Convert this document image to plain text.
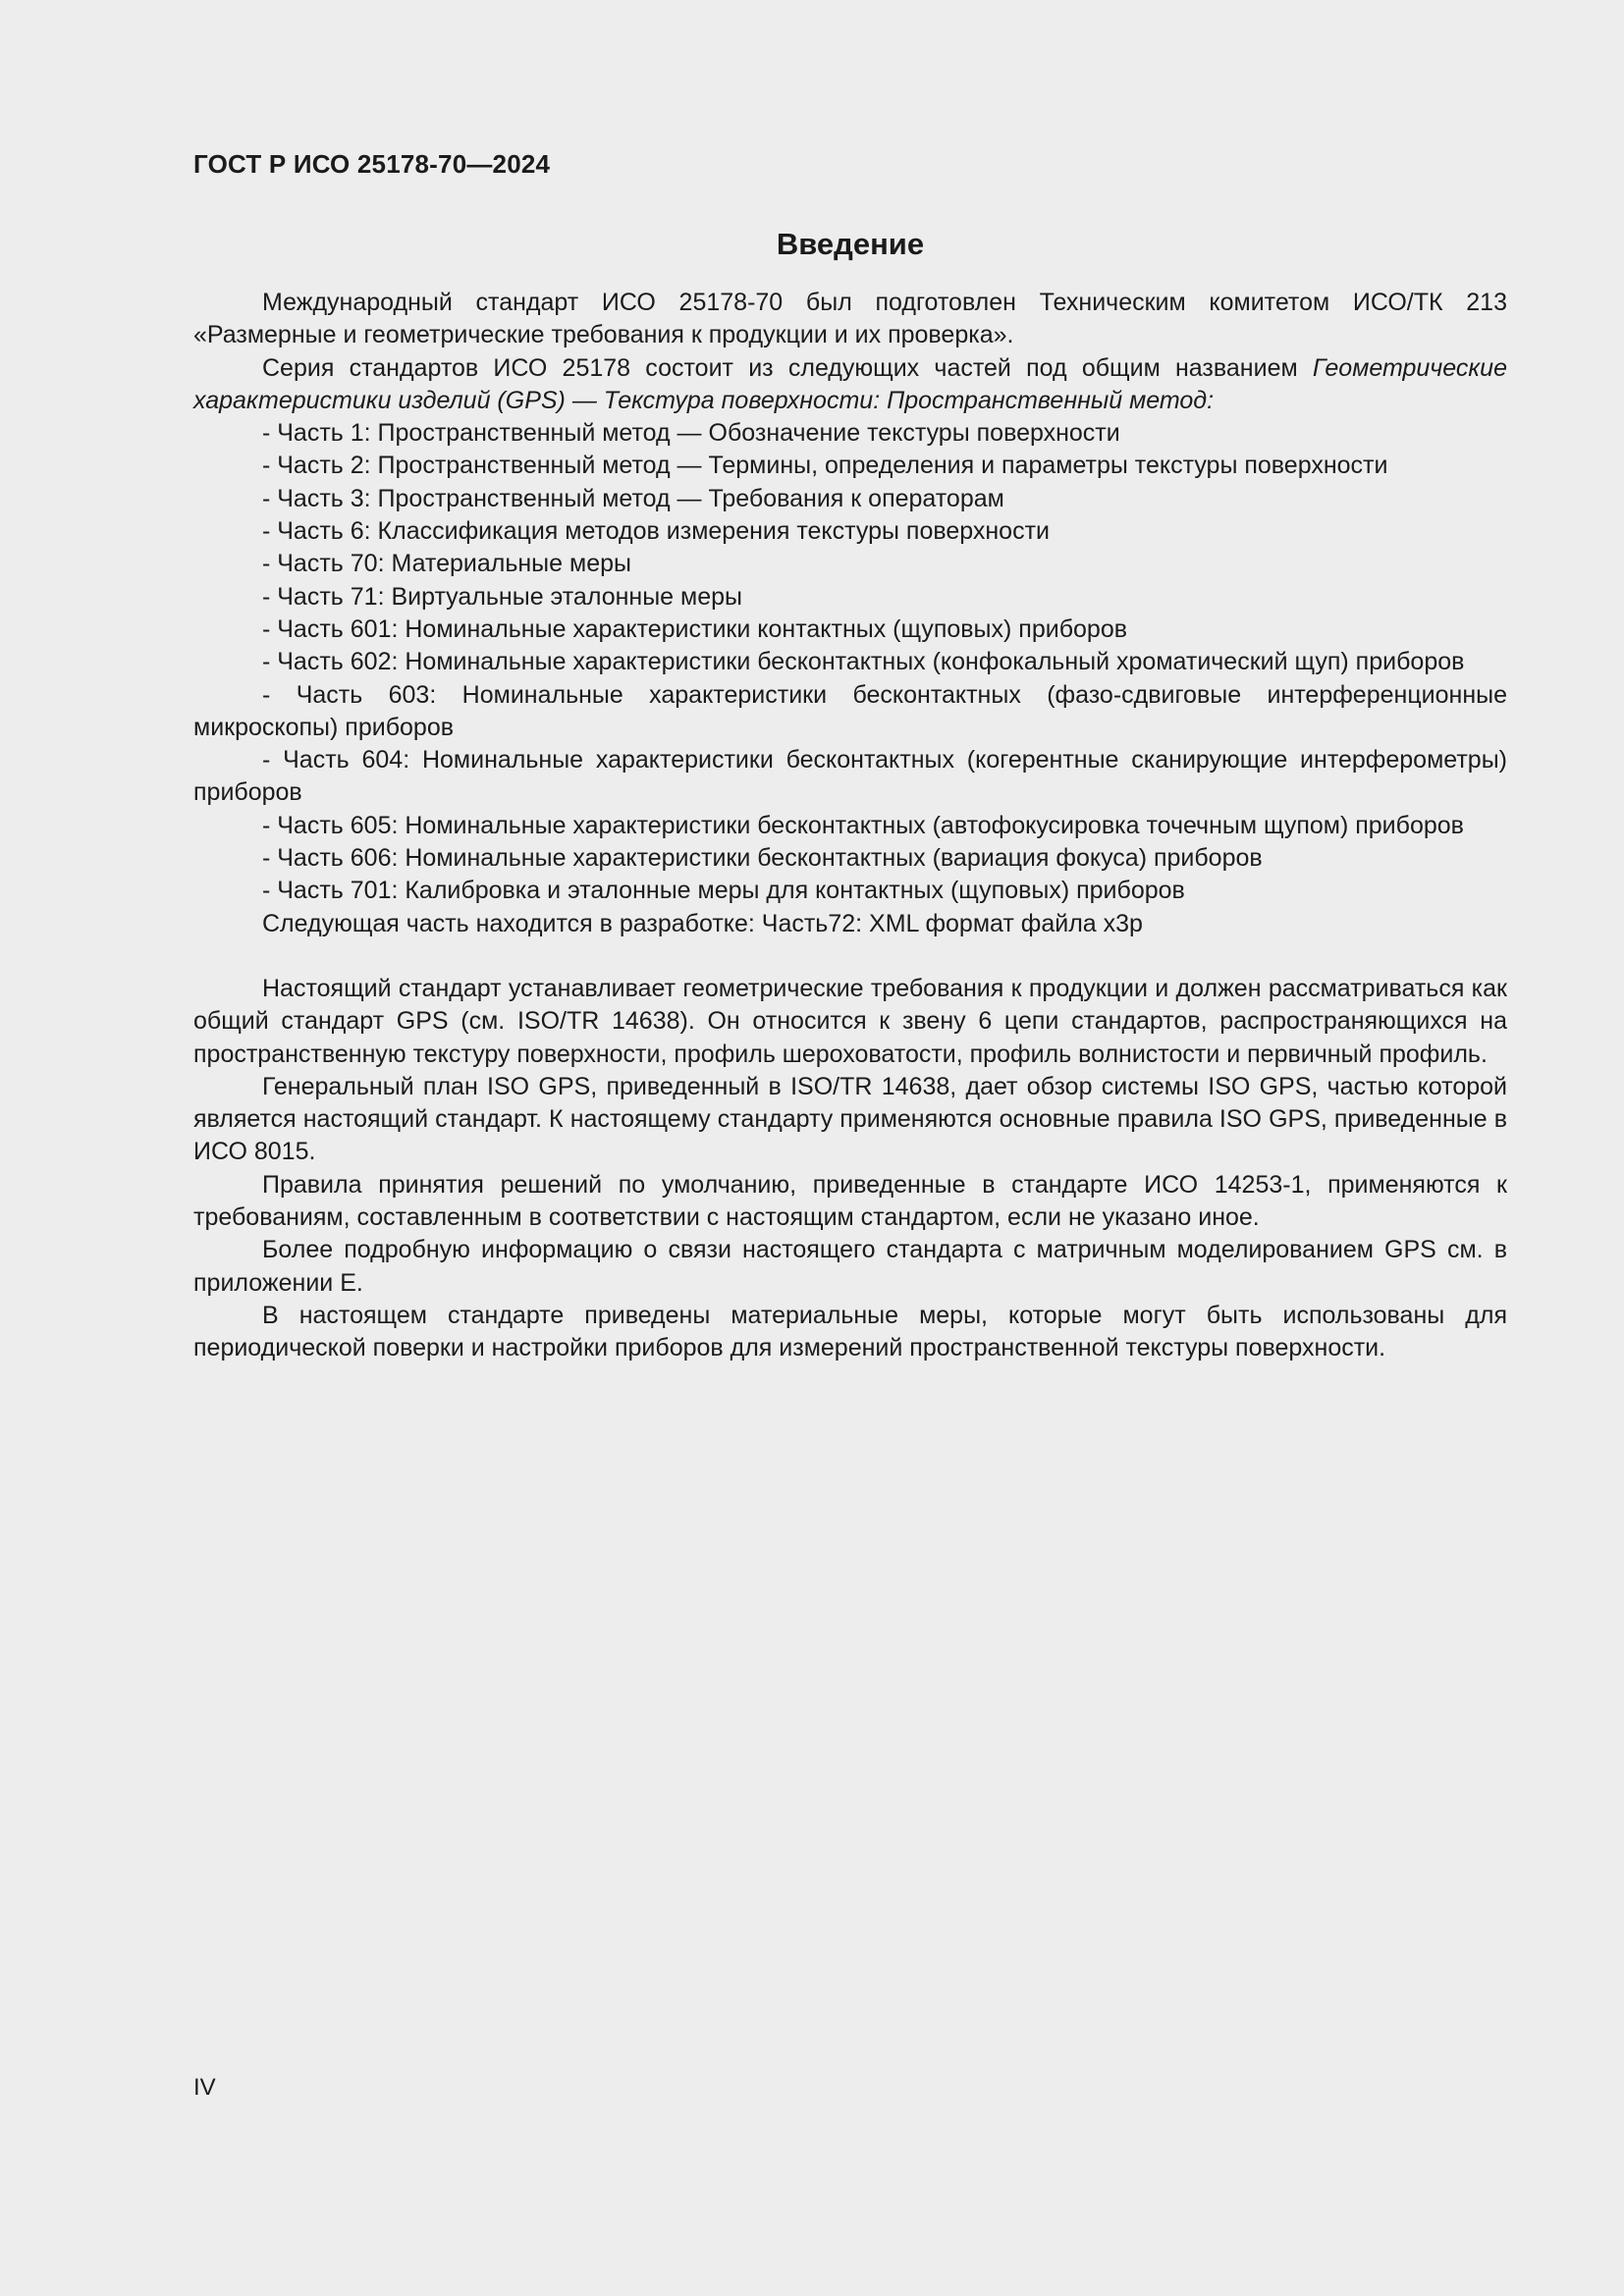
ГОСТ Р ИСО 25178-70—2024
Введение

Международный стандарт ИСО 25178-70 был подготовлен Техническим комитетом ИСО/ТК 213 «Размерные и геометрические требования к продукции и их проверка».

Серия стандартов ИСО 25178 состоит из следующих частей под общим названием Геометрические характеристики изделий (GPS) — Текстура поверхности: Пространственный метод:

- Часть 1: Пространственный метод — Обозначение текстуры поверхности

- Часть 2: Пространственный метод — Термины, определения и параметры текстуры поверхности

- Часть 3: Пространственный метод — Требования к операторам

- Часть 6: Классификация методов измерения текстуры поверхности

- Часть 70: Материальные меры

- Часть 71: Виртуальные эталонные меры

- Часть 601: Номинальные характеристики контактных (щуповых) приборов

- Часть 602: Номинальные характеристики бесконтактных (конфокальный хроматический щуп) приборов

- Часть 603: Номинальные характеристики бесконтактных (фазо-сдвиговые интерференционные микроскопы) приборов

- Часть 604: Номинальные характеристики бесконтактных (когерентные сканирующие интерферометры) приборов

- Часть 605: Номинальные характеристики бесконтактных (автофокусировка точечным щупом) приборов

- Часть 606: Номинальные характеристики бесконтактных (вариация фокуса) приборов

- Часть 701: Калибровка и эталонные меры для контактных (щуповых) приборов

Следующая часть находится в разработке: Часть72: XML формат файла x3p

Настоящий стандарт устанавливает геометрические требования к продукции и должен рассматриваться как общий стандарт GPS (см. ISO/TR 14638). Он относится к звену 6 цепи стандартов, распространяющихся на пространственную текстуру поверхности, профиль шероховатости, профиль волнистости и первичный профиль.

Генеральный план ISO GPS, приведенный в ISO/TR 14638, дает обзор системы ISO GPS, частью которой является настоящий стандарт. К настоящему стандарту применяются основные правила ISO GPS, приведенные в ИСО 8015.

Правила принятия решений по умолчанию, приведенные в стандарте ИСО 14253-1, применяются к требованиям, составленным в соответствии с настоящим стандартом, если не указано иное.

Более подробную информацию о связи настоящего стандарта с матричным моделированием GPS см. в приложении Е.

В настоящем стандарте приведены материальные меры, которые могут быть использованы для периодической поверки и настройки приборов для измерений пространственной текстуры поверхности.

IV
